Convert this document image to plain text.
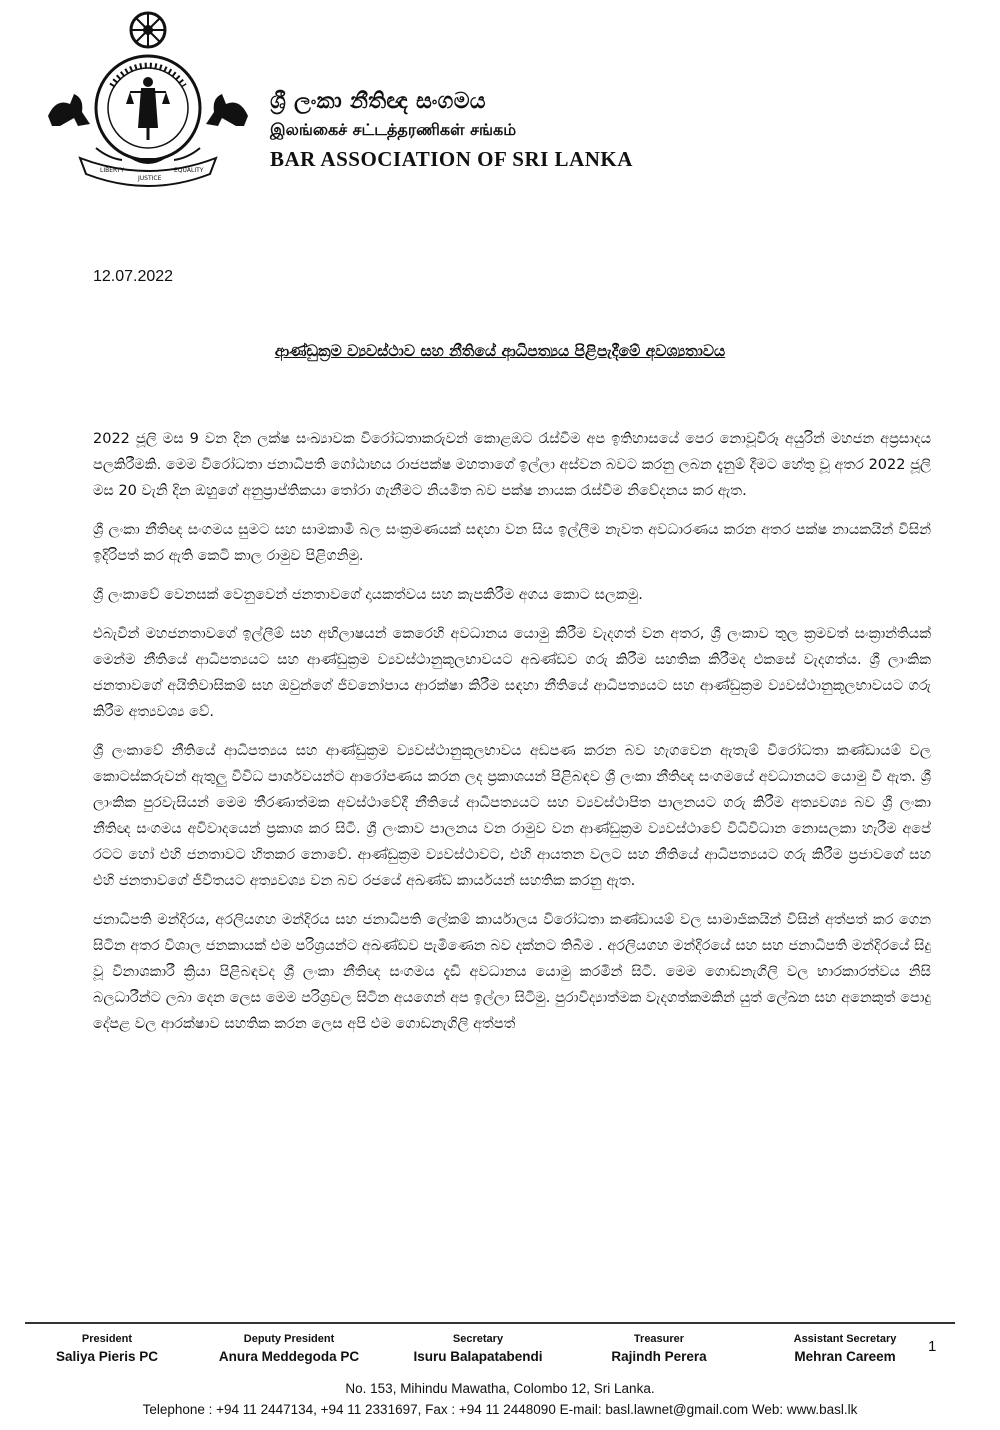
LIBERTY
JUSTICE
EQUALITY
ශ්‍රී ලංකා නීතිඥ සංගමය
இலங்கைச் சட்டத்தரணிகள் சங்கம்
BAR ASSOCIATION OF SRI LANKA
12.07.2022
ආණ්ඩුක්‍රම ව්‍යවස්ථාව සහ නීතියේ ආධිපත්‍යය පිළිපැදීමේ අවශ්‍යතාවය

2022 ජූලි මස 9 වන දින ලක්ෂ සංඛ්‍යාවක විරෝධතාකරුවන් කොළඹට රැස්වීම අප ඉතිහාසයේ පෙර නොවූවිරූ අයුරින් මහජන අප්‍රසාදය පලකිරීමකි. මෙම විරෝධතා ජනාධිපති ගෝඨාභය රාජපක්ෂ මහතාගේ ඉල්ලා අස්වන බවට කරනු ලබන දැනුම් දීමට හේතු වූ අතර 2022 ජූලි මස 20 වැනි දින ඔහුගේ අනුප්‍රාප්තිකයා තෝරා ගැනීමට නියමිත බව පක්ෂ නායක රැස්වීම නිවේදනය කර ඇත.

ශ්‍රී ලංකා නීතිඥ සංගමය සුමට සහ සාමකාමී බල සංක්‍රමණයක් සඳහා වන සිය ඉල්ලීම නැවත අවධාරණය කරන අතර පක්ෂ නායකයින් විසින් ඉදිරිපත් කර ඇති කෙටි කාල රාමුව පිළිගනිමු.

ශ්‍රී ලංකාවේ වෙනසක් වෙනුවෙන් ජනතාවගේ දායකත්වය සහ කැපකිරීම අගය කොට සලකමු.

එබැවින් මහජනතාවගේ ඉල්ලීම් සහ අභිලාෂයන් කෙරෙහි අවධානය යොමු කිරීම වැදගත් වන අතර, ශ්‍රී ලංකාව තුල ක්‍රමවත් සංක්‍රාන්තියක් මෙන්ම නීතියේ ආධිපත්‍යයට සහ ආණ්ඩුක්‍රම ව්‍යවස්ථානුකූලභාවයට අඛණ්ඩව ගරු කිරීම සහතික කිරීමද එකසේ වැදගත්ය. ශ්‍රී ලාංකික ජනතාවගේ අයිතිවාසිකම් සහ ඔවුන්ගේ ජීවනෝපාය ආරක්ෂා කිරීම සඳහා නීතියේ ආධිපත්‍යයට සහ ආණ්ඩුක්‍රම ව්‍යවස්ථානුකූලභාවයට ගරු කිරීම අත්‍යවශ්‍ය වේ.

ශ්‍රී ලංකාවේ නීතියේ ආධිපත්‍යය සහ ආණ්ඩුක්‍රම ව්‍යවස්ථානුකූලභාවය අඩපණ කරන බව හැගවෙන ඇතැම් විරෝධතා කණ්ඩායම් වල කොටස්කරුවන් ඇතුලු විවිධ පාර්ශවයන්ට ආරෝපණය කරන ලද ප්‍රකාශයන් පිළිබඳව ශ්‍රී ලංකා නීතිඥ සංගමයේ අවධානයට යොමු වී ඇත. ශ්‍රී ලාංකික පුරවැසියන් මෙම තීරණාත්මක අවස්ථාවේදී නීතියේ ආධිපත්‍යයට සහ ව්‍යවස්ථාපිත පාලනයට ගරු කිරීම අත්‍යවශ්‍ය බව ශ්‍රී ලංකා නීතිඥ සංගමය අවිවාදයෙන් ප්‍රකාශ කර සිටී. ශ්‍රී ලංකාව පාලනය වන රාමුව වන ආණ්ඩුක්‍රම ව්‍යවස්ථාවේ විධිවිධාන නොසලකා හැරීම අපේ රටට හෝ එහි ජනතාවට හිතකර නොවේ. ආණ්ඩුක්‍රම ව්‍යවස්ථාවට, එහි ආයතන වලට සහ නීතියේ ආධිපත්‍යයට ගරු කිරීම ප්‍රජාවගේ සහ එහි ජනතාවගේ ජීවිතයට අත්‍යවශ්‍ය වන බව රජයේ අඛණ්ඩ කාර්යයන් සහතික කරනු ඇත.

ජනාධිපති මන්දිරය, අරලියගහ මන්දිරය සහ ජනාධිපති ලේකම් කාර්යාලය විරෝධතා කණ්ඩායම් වල සාමාජිකයින් විසින් අත්පත් කර ගෙන සිටින අතර විශාල ජනකායක් එම පරිශ්‍රයන්ට අඛණ්ඩව පැමිණෙන බව දක්නට තිබීම . අරලියගහ මන්දිරයේ සහ සහ ජනාධිපති මන්දිරයේ සිදු වූ විනාශකාරී ක්‍රියා පිළිබඳවද ශ්‍රී ලංකා නීතිඥ සංගමය දැඩි අවධානය යොමු කරමින් සිටී. මෙම ගොඩනැගිලි වල භාරකාරත්වය නිසි බලධාරීන්ට ලබා දෙන ලෙස මෙම පරිශ්‍රවල සිටින අයගෙන් අප ඉල්ලා සිටිමු. පුරාවිද්‍යාත්මක වැදගත්කමකින් යුත් ලේඛන සහ අනෙකුත් පොදු දේපළ වල ආරක්ෂාව සහතික කරන ලෙස අපි එම ගොඩනැගිලි අත්පත්

President
Saliya Pieris PC
Deputy President
Anura Meddegoda PC
Secretary
Isuru Balapatabendi
Treasurer
Rajindh Perera
Assistant Secretary
Mehran Careem
1
No. 153, Mihindu Mawatha, Colombo 12, Sri Lanka.
Telephone : +94 11 2447134, +94 11 2331697, Fax : +94 11 2448090 E-mail: basl.lawnet@gmail.com Web: www.basl.lk
